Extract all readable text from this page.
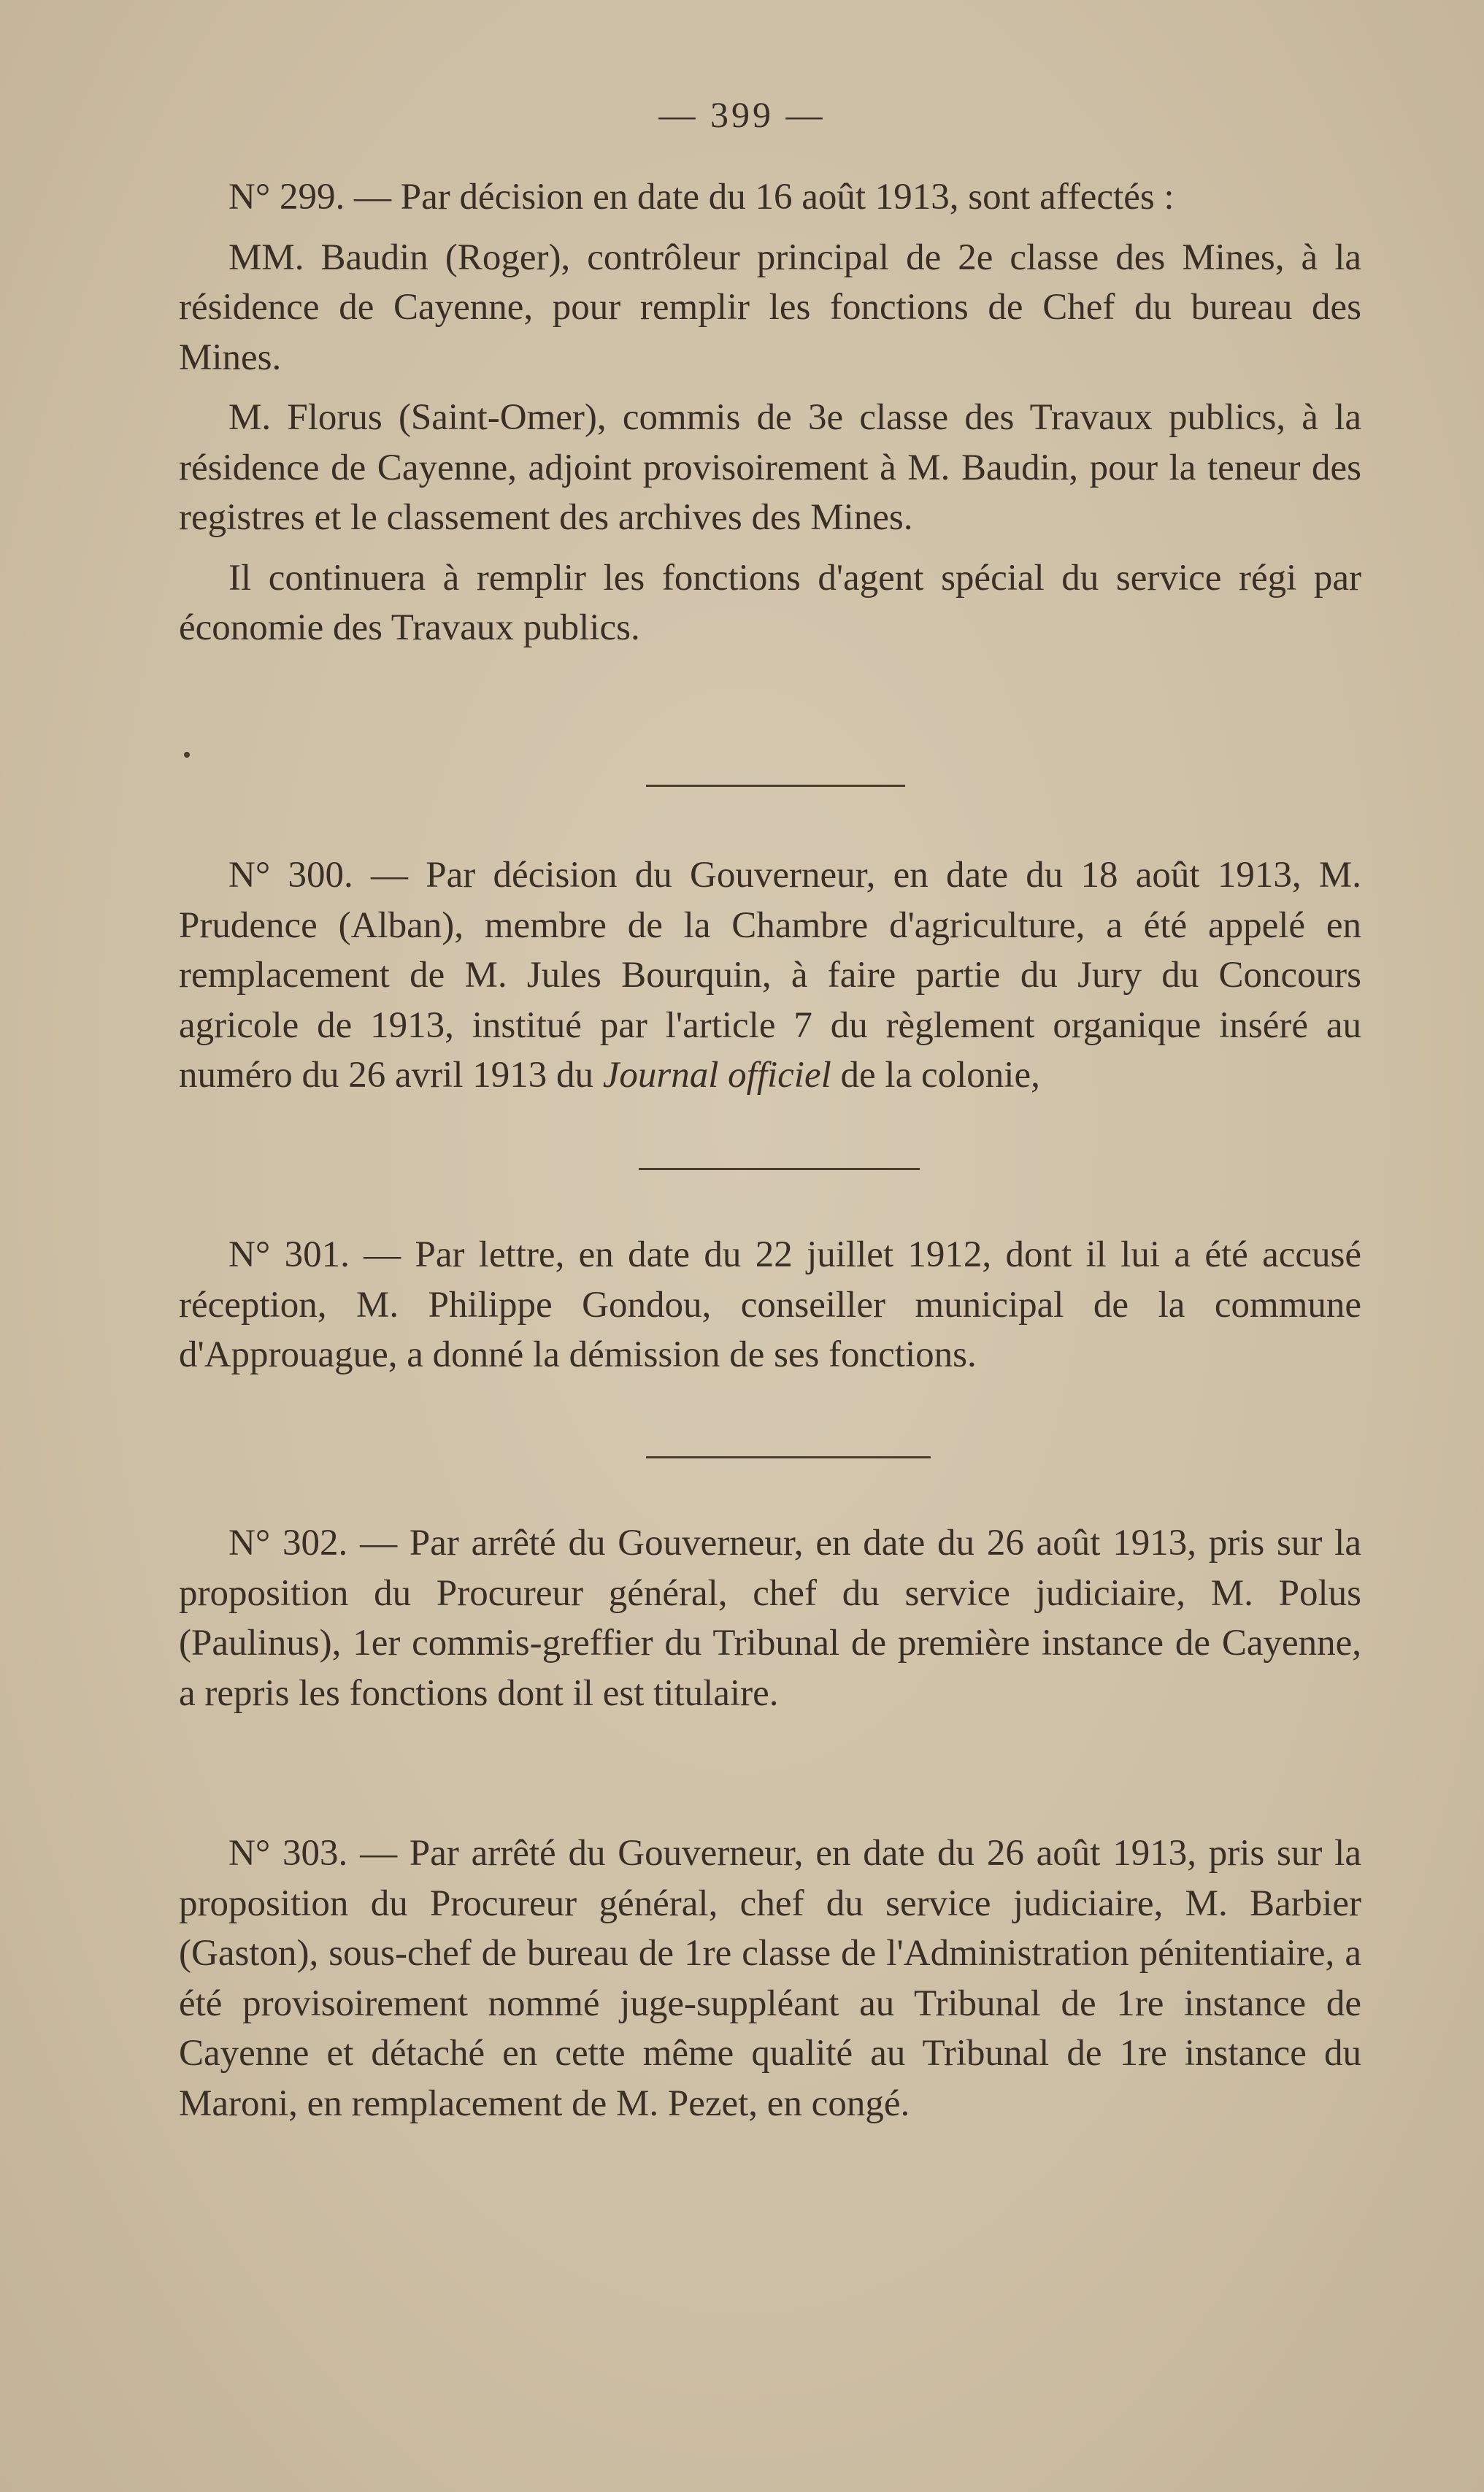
— 399 —

N° 299. — Par décision en date du 16 août 1913, sont affectés :

MM. Baudin (Roger), contrôleur principal de 2e classe des Mines, à la résidence de Cayenne, pour remplir les fonctions de Chef du bureau des Mines.

M. Florus (Saint-Omer), commis de 3e classe des Travaux publics, à la résidence de Cayenne, adjoint provisoirement à M. Baudin, pour la teneur des registres et le classement des archives des Mines.

Il continuera à remplir les fonctions d'agent spécial du service régi par économie des Travaux publics.

N° 300. — Par décision du Gouverneur, en date du 18 août 1913, M. Prudence (Alban), membre de la Chambre d'agriculture, a été appelé en remplacement de M. Jules Bourquin, à faire partie du Jury du Concours agricole de 1913, institué par l'article 7 du règlement organique inséré au numéro du 26 avril 1913 du Journal officiel de la colonie,

N° 301. — Par lettre, en date du 22 juillet 1912, dont il lui a été accusé réception, M. Philippe Gondou, conseiller municipal de la commune d'Approuague, a donné la démission de ses fonctions.

N° 302. — Par arrêté du Gouverneur, en date du 26 août 1913, pris sur la proposition du Procureur général, chef du service judiciaire, M. Polus (Paulinus), 1er commis-greffier du Tribunal de première instance de Cayenne, a repris les fonctions dont il est titulaire.

N° 303. — Par arrêté du Gouverneur, en date du 26 août 1913, pris sur la proposition du Procureur général, chef du service judiciaire, M. Barbier (Gaston), sous-chef de bureau de 1re classe de l'Administration pénitentiaire, a été provisoirement nommé juge-suppléant au Tribunal de 1re instance de Cayenne et détaché en cette même qualité au Tribunal de 1re instance du Maroni, en remplacement de M. Pezet, en congé.
